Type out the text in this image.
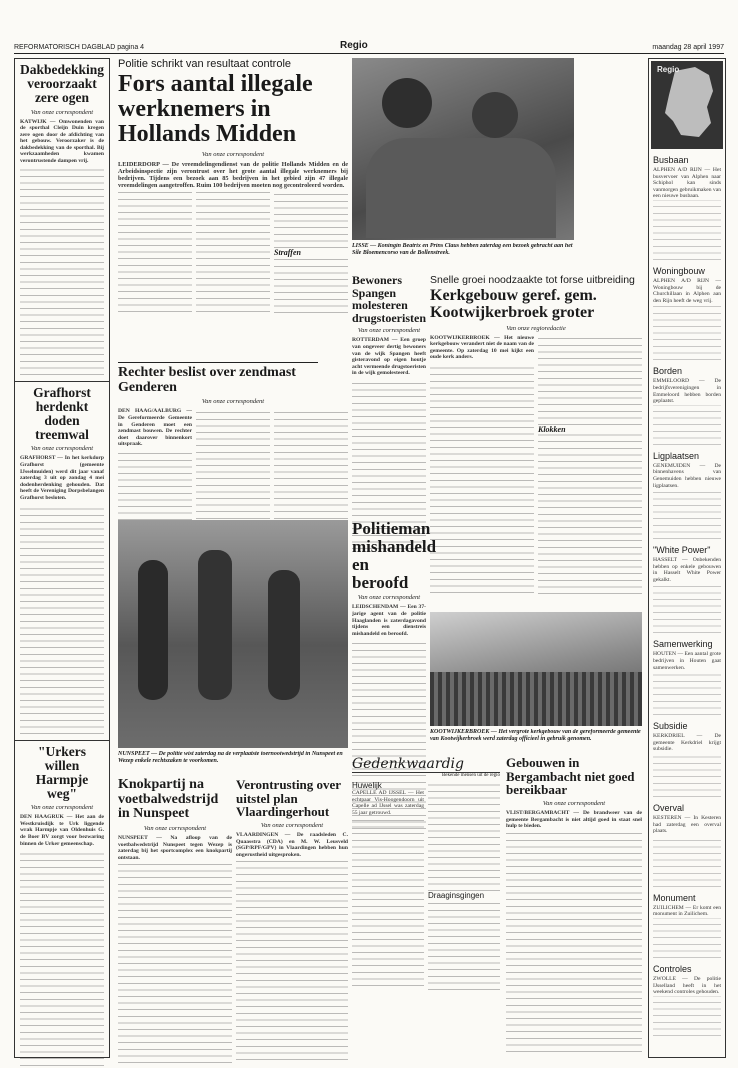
REFORMATORISCH DAGBLAD pagina 4	Regio	maandag 28 april 1997
Dakbedekking veroorzaakt zere ogen
Van onze correspondent
KATWIJK — Omwonenden van de sporthal Cleijn Duin kregen zere ogen door de afdichting van het gebouw. Veroorzaker is de dakbedekking van de sporthal. Bij werkzaamheden kwamen verontrustende dampen vrij.
Grafhorst herdenkt doden treemwal
Van onze correspondent
GRAFHORST — In het kerkdorp Grafhorst (gemeente IJsselmuiden) werd dit jaar vanaf zaterdag 3 uit op zondag 4 mei dodenherdenking gehouden. Dat heeft de Vereniging Dorpsbelangen Grafhorst besloten.
"Urkers willen Harmpje weg"
Van onze correspondent
DEN HAAGRUK — Het aan de Westkruisdijk te Urk liggende wrak Harmpje van Oldenhuis G. de Boer BV zorgt voor bezwaring binnen de Urker gemeenschap.
Politie schrikt van resultaat controle
Fors aantal illegale werknemers in Hollands Midden
Van onze correspondent
LEIDERDORP — De vreemdelingendienst van de politie Hollands Midden en de Arbeidsinspectie zijn verontrust over het grote aantal illegale werknemers bij bedrijven. Tijdens een bezoek aan 85 bedrijven in het gebied zijn 47 illegale vreemdelingen aangetroffen. Ruim 100 bedrijven moeten nog gecontroleerd worden.
Straffen
LISSE — Koningin Beatrix en Prins Claus hebben zaterdag een bezoek gebracht aan het Sile Bloemencorso van de Bollenstreek.
Bewoners Spangen molesteren drugstoeristen
Van onze correspondent
ROTTERDAM — Een groep van ongeveer dertig bewoners van de wijk Spangen heeft gisteravond op eigen houtje acht vermeende drugstoeristen in de wijk gemolesteerd.
Snelle groei noodzaakte tot forse uitbreiding
Kerkgebouw geref. gem. Kootwijkerbroek groter
Van onze regioredactie
KOOTWIJKERBROEK — Het nieuwe kerkgebouw verandert niet de naam van de gemeente. Op zaterdag 10 mei kijkt een oude kerk anders.
Klokken
Regio
Busbaan

ALPHEN A/D RIJN — Het busvervoer van Alphen naar Schiphol kan sinds vanmorgen gebruikmaken van een nieuwe busbaan.

Woningbouw

ALPHEN A/D RIJN — Woningbouw bij de Churchillaan in Alphen aan den Rijn heeft de weg vrij.

Borden

EMMELOORD — De bedrijfsverenigingen in Emmeloord hebben borden geplaatst.

Ligplaatsen

GENEMUIDEN — De binnenhavens van Genemuiden hebben nieuwe ligplaatsen.

"White Power"

HASSELT — Onbekenden hebben op enkele gebouwen in Hasselt White Power gekalkt.

Samenwerking

HOUTEN — Een aantal grote bedrijven in Houten gaat samenwerken.

Subsidie

KERKDRIEL — De gemeente Kerkdriel krijgt subsidie.

Overval

KESTEREN — In Kesteren had zaterdag een overval plaats.

Monument

ZUILICHEM — Er komt een monument in Zuilichem.

Controles

ZWOLLE — De politie IJsselland heeft in het weekend controles gehouden.

Rechter beslist over zendmast Genderen
Van onze correspondent
DEN HAAG/AALBURG — De Gereformeerde Gemeente in Genderen moet een zendmast bouwen. De rechter doet daarover binnenkort uitspraak.
Politieman mishandeld en beroofd
Van onze correspondent
LEIDSCHENDAM — Een 37-jarige agent van de politie Haaglanden is zaterdagavond tijdens een dienstreis mishandeld en beroofd.
NUNSPEET — De politie wist zaterdag na de verplaatste toernooiwedstrijd in Nunspeet en Wezep enkele rechtszaken te voorkomen.
KOOTWIJKERBROEK — Het vergrote kerkgebouw van de gereformeerde gemeente van Kootwijkerbroek werd zaterdag officieel in gebruik genomen.
Knokpartij na voetbalwedstrijd in Nunspeet
Van onze correspondent
NUNSPEET — Na afloop van de voetbalwedstrijd Nunspeet tegen Wezep is zaterdag bij het sportcomplex een knokpartij ontstaan.
Verontrusting over uitstel plan Vlaardingerhout
Van onze correspondent
VLAARDINGEN — De raadsleden C. Quaasstra (CDA) en M. W. Leusveld (SGP/RPF/GPV) in Vlaardingen hebben hun ongerustheid uitgesproken.
Gedenkwaardig
Bekende mensen uit de regio
Huwelijk
CAPELLE AD IJSSEL — Het echtpaar Vis-Hoogendoorn uit Capelle ad IJssel was zaterdag 55 jaar getrouwd.
Draaginsgingen
Gebouwen in Bergambacht niet goed bereikbaar
Van onze correspondent
VLIST/BERGAMBACHT — De brandweer van de gemeente Bergambacht is niet altijd goed in staat snel hulp te bieden.
